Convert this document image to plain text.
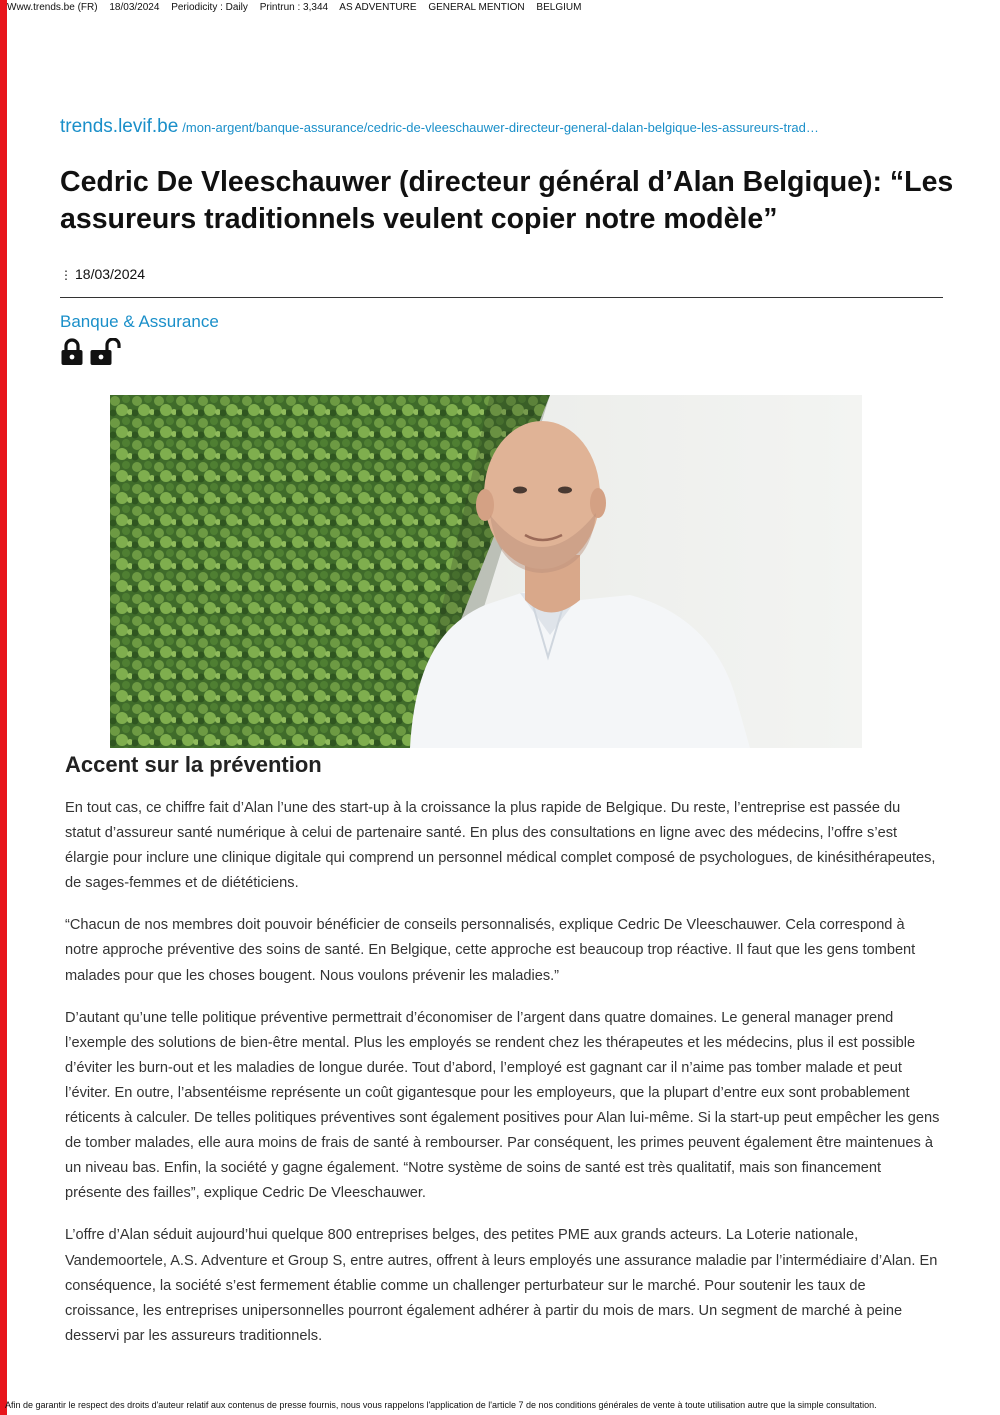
Www.trends.be (FR) 18/03/2024 Periodicity : Daily Printrun : 3,344 AS ADVENTURE GENERAL MENTION BELGIUM
trends.levif.be /mon-argent/banque-assurance/cedric-de-vleeschauwer-directeur-general-dalan-belgique-les-assureurs-trad…
Cedric De Vleeschauwer (directeur général d’Alan Belgique): “Les assureurs traditionnels veulent copier notre modèle”
⋮ 18/03/2024
Banque & Assurance
Accent sur la prévention

En tout cas, ce chiffre fait d’Alan l’une des start-up à la croissance la plus rapide de Belgique. Du reste, l’entreprise est passée du statut d’assureur santé numérique à celui de partenaire santé. En plus des consultations en ligne avec des médecins, l’offre s’est élargie pour inclure une clinique digitale qui comprend un personnel médical complet composé de psychologues, de kinésithérapeutes, de sages-femmes et de diététiciens.

“Chacun de nos membres doit pouvoir bénéficier de conseils personnalisés, explique Cedric De Vleeschauwer. Cela correspond à notre approche préventive des soins de santé. En Belgique, cette approche est beaucoup trop réactive. Il faut que les gens tombent malades pour que les choses bougent. Nous voulons prévenir les maladies.”

D’autant qu’une telle politique préventive permettrait d’économiser de l’argent dans quatre domaines. Le general manager prend l’exemple des solutions de bien-être mental. Plus les employés se rendent chez les thérapeutes et les médecins, plus il est possible d’éviter les burn-out et les maladies de longue durée. Tout d’abord, l’employé est gagnant car il n’aime pas tomber malade et peut l’éviter. En outre, l’absentéisme représente un coût gigantesque pour les employeurs, que la plupart d’entre eux sont probablement réticents à calculer. De telles politiques préventives sont également positives pour Alan lui-même. Si la start-up peut empêcher les gens de tomber malades, elle aura moins de frais de santé à rembourser. Par conséquent, les primes peuvent également être maintenues à un niveau bas. Enfin, la société y gagne également. “Notre système de soins de santé est très qualitatif, mais son financement présente des failles”, explique Cedric De Vleeschauwer.

L’offre d’Alan séduit aujourd’hui quelque 800 entreprises belges, des petites PME aux grands acteurs. La Loterie nationale, Vandemoortele, A.S. Adventure et Group S, entre autres, offrent à leurs employés une assurance maladie par l’intermédiaire d’Alan. En conséquence, la société s’est fermement établie comme un challenger perturbateur sur le marché. Pour soutenir les taux de croissance, les entreprises unipersonnelles pourront également adhérer à partir du mois de mars. Un segment de marché à peine desservi par les assureurs traditionnels.

Afin de garantir le respect des droits d'auteur relatif aux contenus de presse fournis, nous vous rappelons l'application de l'article 7 de nos conditions générales de vente à toute utilisation autre que la simple consultation.
